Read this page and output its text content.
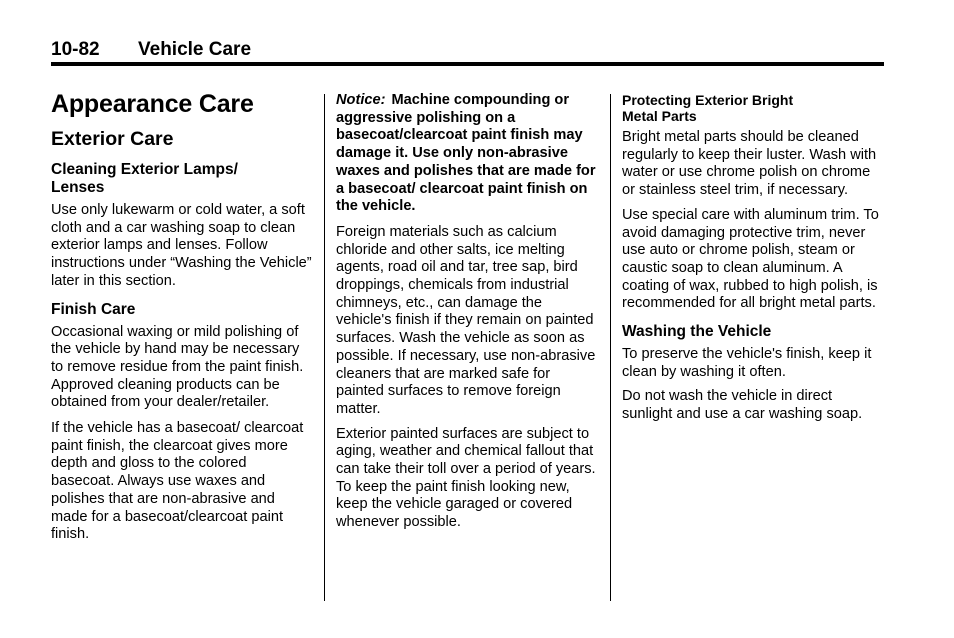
10-82 Vehicle Care
Appearance Care
Exterior Care
Cleaning Exterior Lamps/
Lenses
Use only lukewarm or cold water, a soft cloth and a car washing soap to clean exterior lamps and lenses. Follow instructions under “Washing the Vehicle” later in this section.
Finish Care
Occasional waxing or mild polishing of the vehicle by hand may be necessary to remove residue from the paint finish. Approved cleaning products can be obtained from your dealer/retailer.
If the vehicle has a basecoat/ clearcoat paint finish, the clearcoat gives more depth and gloss to the colored basecoat. Always use waxes and polishes that are non-abrasive and made for a basecoat/clearcoat paint finish.
Notice: Machine compounding or aggressive polishing on a basecoat/clearcoat paint finish may damage it. Use only non-abrasive waxes and polishes that are made for a basecoat/ clearcoat paint finish on the vehicle.
Foreign materials such as calcium chloride and other salts, ice melting agents, road oil and tar, tree sap, bird droppings, chemicals from industrial chimneys, etc., can damage the vehicle's finish if they remain on painted surfaces. Wash the vehicle as soon as possible. If necessary, use non-abrasive cleaners that are marked safe for painted surfaces to remove foreign matter.
Exterior painted surfaces are subject to aging, weather and chemical fallout that can take their toll over a period of years. To keep the paint finish looking new, keep the vehicle garaged or covered whenever possible.
Protecting Exterior Bright
Metal Parts
Bright metal parts should be cleaned regularly to keep their luster. Wash with water or use chrome polish on chrome or stainless steel trim, if necessary.
Use special care with aluminum trim. To avoid damaging protective trim, never use auto or chrome polish, steam or caustic soap to clean aluminum. A coating of wax, rubbed to high polish, is recommended for all bright metal parts.
Washing the Vehicle
To preserve the vehicle's finish, keep it clean by washing it often.
Do not wash the vehicle in direct sunlight and use a car washing soap.
